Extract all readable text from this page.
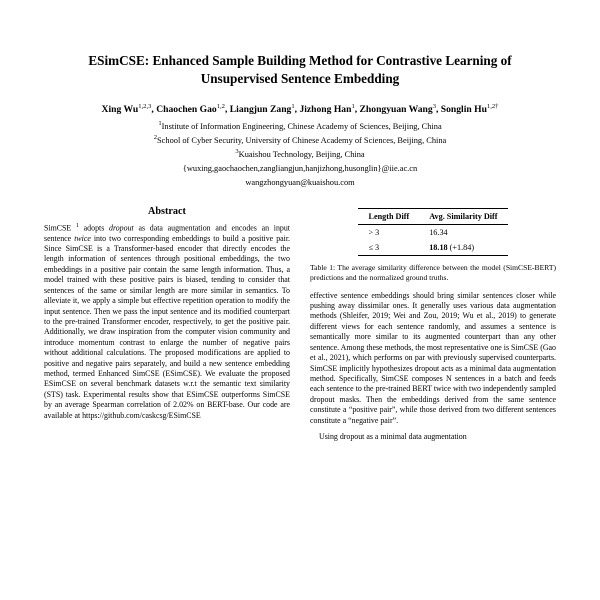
ESimCSE: Enhanced Sample Building Method for Contrastive Learning of Unsupervised Sentence Embedding
Xing Wu$^{1,2,3}$, Chaochen Gao$^{1,2}$, Liangjun Zang$^1$, Jizhong Han$^1$, Zhongyuan Wang$^3$, Songlin $Hu^{1,2\dagger}$
$^1$Institute of Information Engineering, Chinese Academy of Sciences, Beijing, China
$^2$School of Cyber Security, University of Chinese Academy of Sciences, Beijing, China
$^3$Kuaishou Technology, Beijing, China
{wuxing,gaochaochen,zangliangjun,hanjizhong,husonglin}@iie.ac.cn
wangzhongyuan@kuaishou.com
Abstract

SimCSE $^1$ adopts dropout as data augmentation and encodes an input sentence twice into two corresponding embeddings to build a positive pair. Since SimCSE is a Transformer-based encoder that directly encodes the length information of sentences through positional embeddings, the two embeddings in a positive pair contain the same length information. Thus, a model trained with these positive pairs is biased, tending to consider that sentences of the same or similar length are more similar in semantics. To alleviate it, we apply a simple but effective repetition operation to modify the input sentence. Then we pass the input sentence and its modified counterpart to the pre-trained Transformer encoder, respectively, to get the positive pair. Additionally, we draw inspiration from the computer vision community and introduce momentum contrast to enlarge the number of negative pairs without additional calculations. The proposed modifications are applied to positive and negative pairs separately, and build a new sentence embedding method, termed Enhanced SimCSE (ESimCSE). We evaluate the proposed ESimCSE on several benchmark datasets w.r.t the semantic text similarity (STS) task. Experimental results show that ESimCSE outperforms SimCSE by an average Spearman correlation of 2.02% on BERT-base. Our code are available at https://github.com/caskcsg/ESimCSE

Length Diff	Avg. Similarity Diff
> 3	16.34
≤ 3	18.18 (+1.84)
Table 1: The average similarity difference between the model (SimCSE-BERT) predictions and the normalized ground truths.

effective sentence embeddings should bring similar sentences closer while pushing away dissimilar ones. It generally uses various data augmentation methods (Shleifer, 2019; Wei and Zou, 2019; Wu et al., 2019) to generate different views for each sentence randomly, and assumes a sentence is semantically more similar to its augmented counterpart than any other sentence. Among these methods, the most representative one is SimCSE (Gao et al., 2021), which performs on par with previously supervised counterparts. SimCSE implicitly hypothesizes dropout acts as a minimal data augmentation method. Specifically, SimCSE composes N sentences in a batch and feeds each sentence to the pre-trained BERT twice with two independently sampled dropout masks. Then the embeddings derived from the same sentence constitute a “positive pair”, while those derived from two different sentences constitute a “negative pair”.

Using dropout as a minimal data augmentation
